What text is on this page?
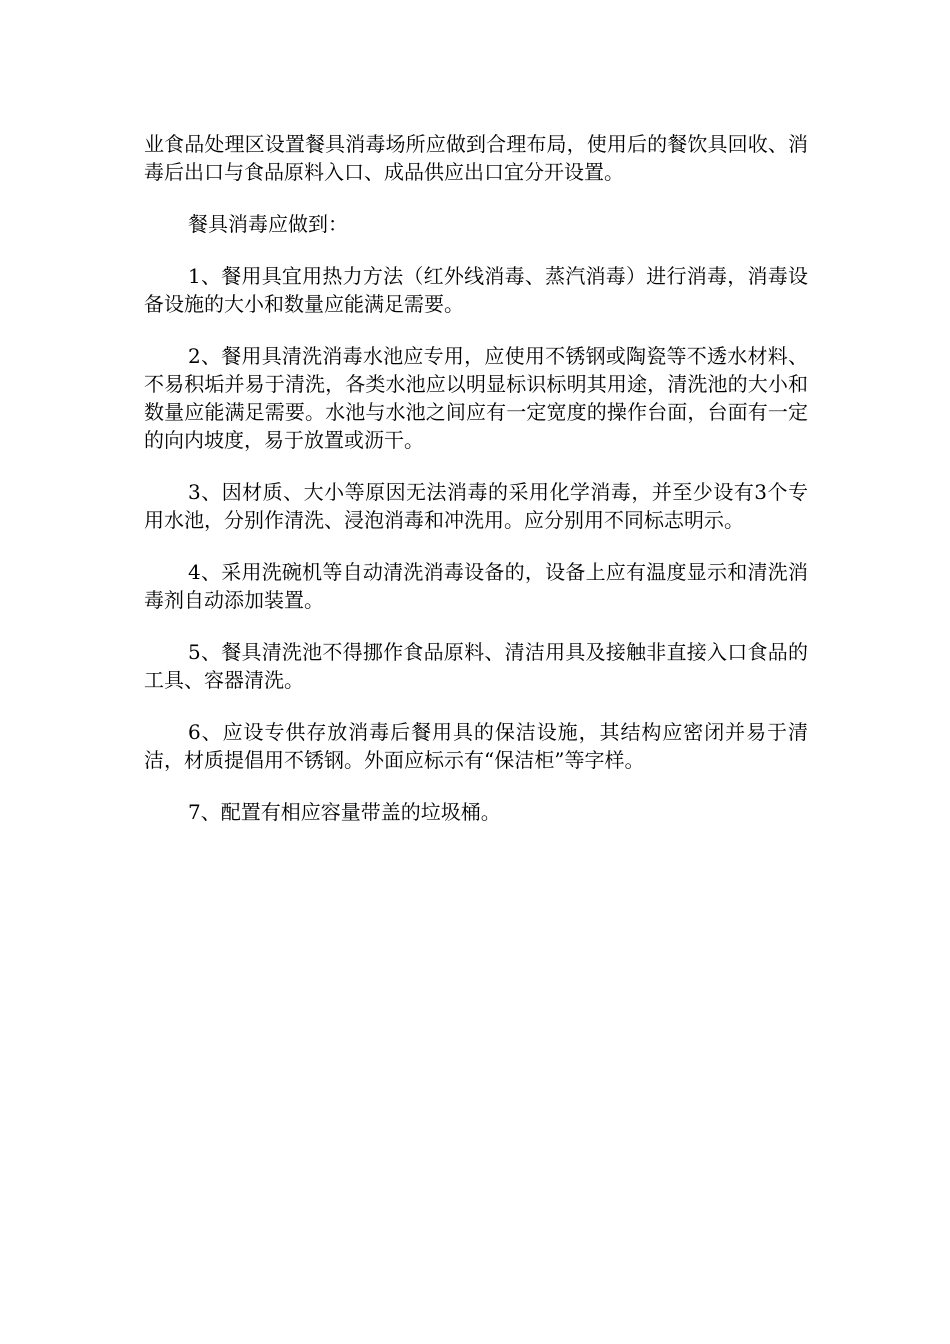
业食品处理区设置餐具消毒场所应做到合理布局，使用后的餐饮具回收、消毒后出口与食品原料入口、成品供应出口宜分开设置。

餐具消毒应做到：

1、餐用具宜用热力方法（红外线消毒、蒸汽消毒）进行消毒，消毒设备设施的大小和数量应能满足需要。

2、餐用具清洗消毒水池应专用，应使用不锈钢或陶瓷等不透水材料、不易积垢并易于清洗，各类水池应以明显标识标明其用途，清洗池的大小和数量应能满足需要。水池与水池之间应有一定宽度的操作台面，台面有一定的向内坡度，易于放置或沥干。

3、因材质、大小等原因无法消毒的采用化学消毒，并至少设有3个专用水池，分别作清洗、浸泡消毒和冲洗用。应分别用不同标志明示。

4、采用洗碗机等自动清洗消毒设备的，设备上应有温度显示和清洗消毒剂自动添加装置。

5、餐具清洗池不得挪作食品原料、清洁用具及接触非直接入口食品的工具、容器清洗。

6、应设专供存放消毒后餐用具的保洁设施，其结构应密闭并易于清洁，材质提倡用不锈钢。外面应标示有“保洁柜”等字样。

7、配置有相应容量带盖的垃圾桶。
